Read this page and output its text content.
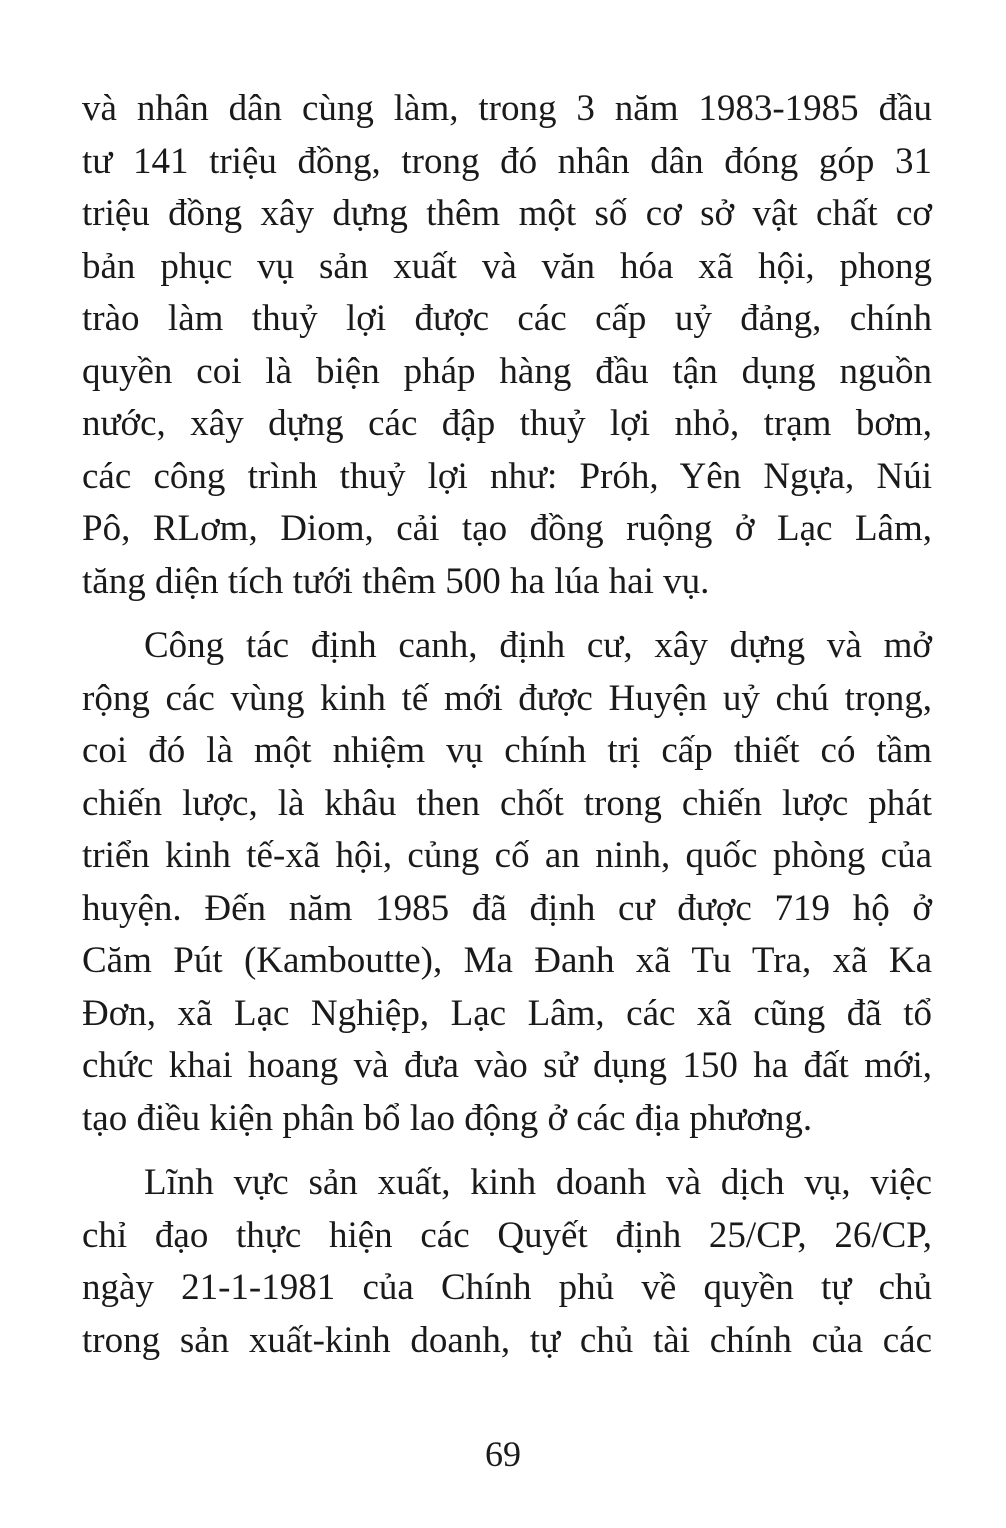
và nhân dân cùng làm, trong 3 năm 1983-1985 đầu
tư 141 triệu đồng, trong đó nhân dân đóng góp 31
triệu đồng xây dựng thêm một số cơ sở vật chất cơ
bản phục vụ sản xuất và văn hóa xã hội, phong
trào làm thuỷ lợi được các cấp uỷ đảng, chính
quyền coi là biện pháp hàng đầu tận dụng nguồn
nước, xây dựng các đập thuỷ lợi nhỏ, trạm bơm,
các công trình thuỷ lợi như: Próh, Yên Ngựa, Núi
Pô, RLơm, Diom, cải tạo đồng ruộng ở Lạc Lâm,
tăng diện tích tưới thêm 500 ha lúa hai vụ.
Công tác định canh, định cư, xây dựng và mở
rộng các vùng kinh tế mới được Huyện uỷ chú trọng,
coi đó là một nhiệm vụ chính trị cấp thiết có tầm
chiến lược, là khâu then chốt trong chiến lược phát
triển kinh tế-xã hội, củng cố an ninh, quốc phòng của
huyện. Đến năm 1985 đã định cư được 719 hộ ở
Căm Pút (Kamboutte), Ma Đanh xã Tu Tra, xã Ka
Đơn, xã Lạc Nghiệp, Lạc Lâm, các xã cũng đã tổ
chức khai hoang và đưa vào sử dụng 150 ha đất mới,
tạo điều kiện phân bổ lao động ở các địa phương.
Lĩnh vực sản xuất, kinh doanh và dịch vụ, việc
chỉ đạo thực hiện các Quyết định 25/CP, 26/CP,
ngày 21-1-1981 của Chính phủ về quyền tự chủ
trong sản xuất-kinh doanh, tự chủ tài chính của các
69
